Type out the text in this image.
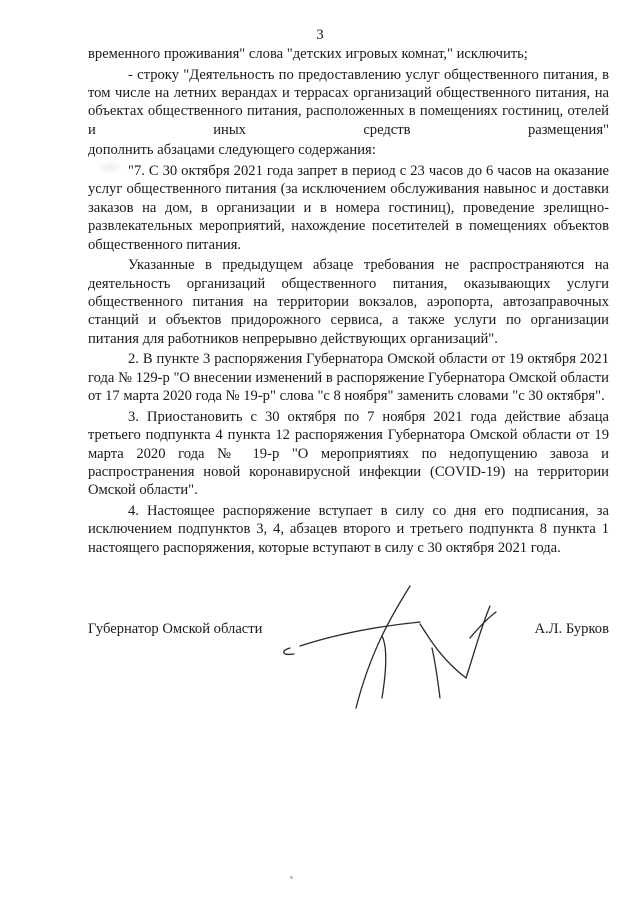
3

временного проживания" слова "детских игровых комнат," исключить;

- строку "Деятельность по предоставлению услуг общественного питания, в том числе на летних верандах и террасах организаций общественного питания, на объектах общественного питания, расположенных в помещениях гостиниц, отелей и иных средств размещения"

дополнить абзацами следующего содержания:

"7. С 30 октября 2021 года запрет в период с 23 часов до 6 часов на оказание услуг общественного питания (за исключением обслуживания навынос и доставки заказов на дом, в организации и в номера гостиниц), проведение зрелищно-развлекательных мероприятий, нахождение посетителей в помещениях объектов общественного питания.

Указанные в предыдущем абзаце требования не распространяются на деятельность организаций общественного питания, оказывающих услуги общественного питания на территории вокзалов, аэропорта, автозаправочных станций и объектов придорожного сервиса, а также услуги по организации питания для работников непрерывно действующих организаций".

2. В пункте 3 распоряжения Губернатора Омской области от 19 октября 2021 года № 129-р "О внесении изменений в распоряжение Губернатора Омской области от 17 марта 2020 года № 19-р" слова "с 8 ноября" заменить словами "с 30 октября".

3. Приостановить с 30 октября по 7 ноября 2021 года действие абзаца третьего подпункта 4 пункта 12 распоряжения Губернатора Омской области от 19 марта 2020 года № 19-р "О мероприятиях по недопущению завоза и распространения новой коронавирусной инфекции (COVID-19) на территории Омской области".

4. Настоящее распоряжение вступает в силу со дня его подписания, за исключением подпунктов 3, 4, абзацев второго и третьего подпункта 8 пункта 1 настоящего распоряжения, которые вступают в силу с 30 октября 2021 года.

Губернатор Омской области	А.Л. Бурков
